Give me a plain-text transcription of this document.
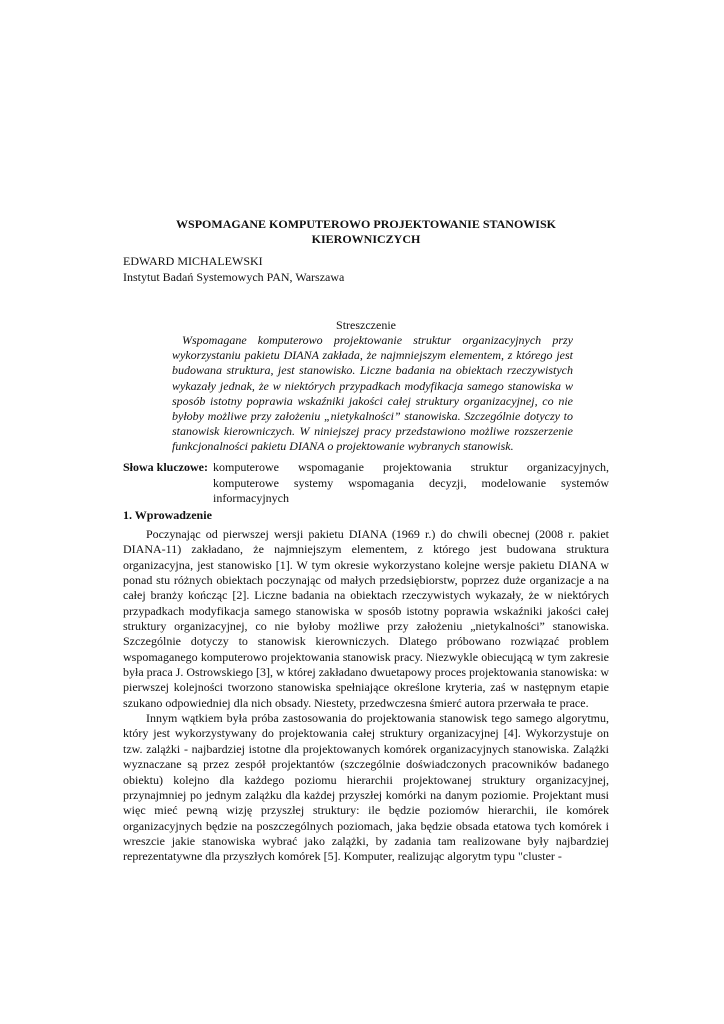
WSPOMAGANE KOMPUTEROWO PROJEKTOWANIE STANOWISK
KIEROWNICZYCH
EDWARD MICHALEWSKI
Instytut Badań Systemowych PAN, Warszawa
Streszczenie
Wspomagane komputerowo projektowanie struktur organizacyjnych przy wykorzystaniu pakietu DIANA zakłada, że najmniejszym elementem, z którego jest budowana struktura, jest stanowisko. Liczne badania na obiektach rzeczywistych wykazały jednak, że w niektórych przypadkach modyfikacja samego stanowiska w sposób istotny poprawia wskaźniki jakości całej struktury organizacyjnej, co nie byłoby możliwe przy założeniu „nietykalności” stanowiska. Szczególnie dotyczy to stanowisk kierowniczych. W niniejszej pracy przedstawiono możliwe rozszerzenie funkcjonalności pakietu DIANA o projektowanie wybranych stanowisk.
Słowa kluczowe: komputerowe wspomaganie projektowania struktur organizacyjnych, komputerowe systemy wspomagania decyzji, modelowanie systemów informacyjnych
1. Wprowadzenie

Poczynając od pierwszej wersji pakietu DIANA (1969 r.) do chwili obecnej (2008 r. pakiet DIANA-11) zakładano, że najmniejszym elementem, z którego jest budowana struktura organizacyjna, jest stanowisko [1]. W tym okresie wykorzystano kolejne wersje pakietu DIANA w ponad stu różnych obiektach poczynając od małych przedsiębiorstw, poprzez duże organizacje a na całej branży kończąc [2]. Liczne badania na obiektach rzeczywistych wykazały, że w niektórych przypadkach modyfikacja samego stanowiska w sposób istotny poprawia wskaźniki jakości całej struktury organizacyjnej, co nie byłoby możliwe przy założeniu „nietykalności” stanowiska. Szczególnie dotyczy to stanowisk kierowniczych. Dlatego próbowano rozwiązać problem wspomaganego komputerowo projektowania stanowisk pracy. Niezwykle obiecującą w tym zakresie była praca J. Ostrowskiego [3], w której zakładano dwuetapowy proces projektowania stanowiska: w pierwszej kolejności tworzono stanowiska spełniające określone kryteria, zaś w następnym etapie szukano odpowiedniej dla nich obsady. Niestety, przedwczesna śmierć autora przerwała te prace.

Innym wątkiem była próba zastosowania do projektowania stanowisk tego samego algorytmu, który jest wykorzystywany do projektowania całej struktury organizacyjnej [4]. Wykorzystuje on tzw. zalążki - najbardziej istotne dla projektowanych komórek organizacyjnych stanowiska. Zalążki wyznaczane są przez zespół projektantów (szczególnie doświadczonych pracowników badanego obiektu) kolejno dla każdego poziomu hierarchii projektowanej struktury organizacyjnej, przynajmniej po jednym zalążku dla każdej przyszłej komórki na danym poziomie. Projektant musi więc mieć pewną wizję przyszłej struktury: ile będzie poziomów hierarchii, ile komórek organizacyjnych będzie na poszczególnych poziomach, jaka będzie obsada etatowa tych komórek i wreszcie jakie stanowiska wybrać jako zalążki, by zadania tam realizowane były najbardziej reprezentatywne dla przyszłych komórek [5]. Komputer, realizując algorytm typu "cluster -
